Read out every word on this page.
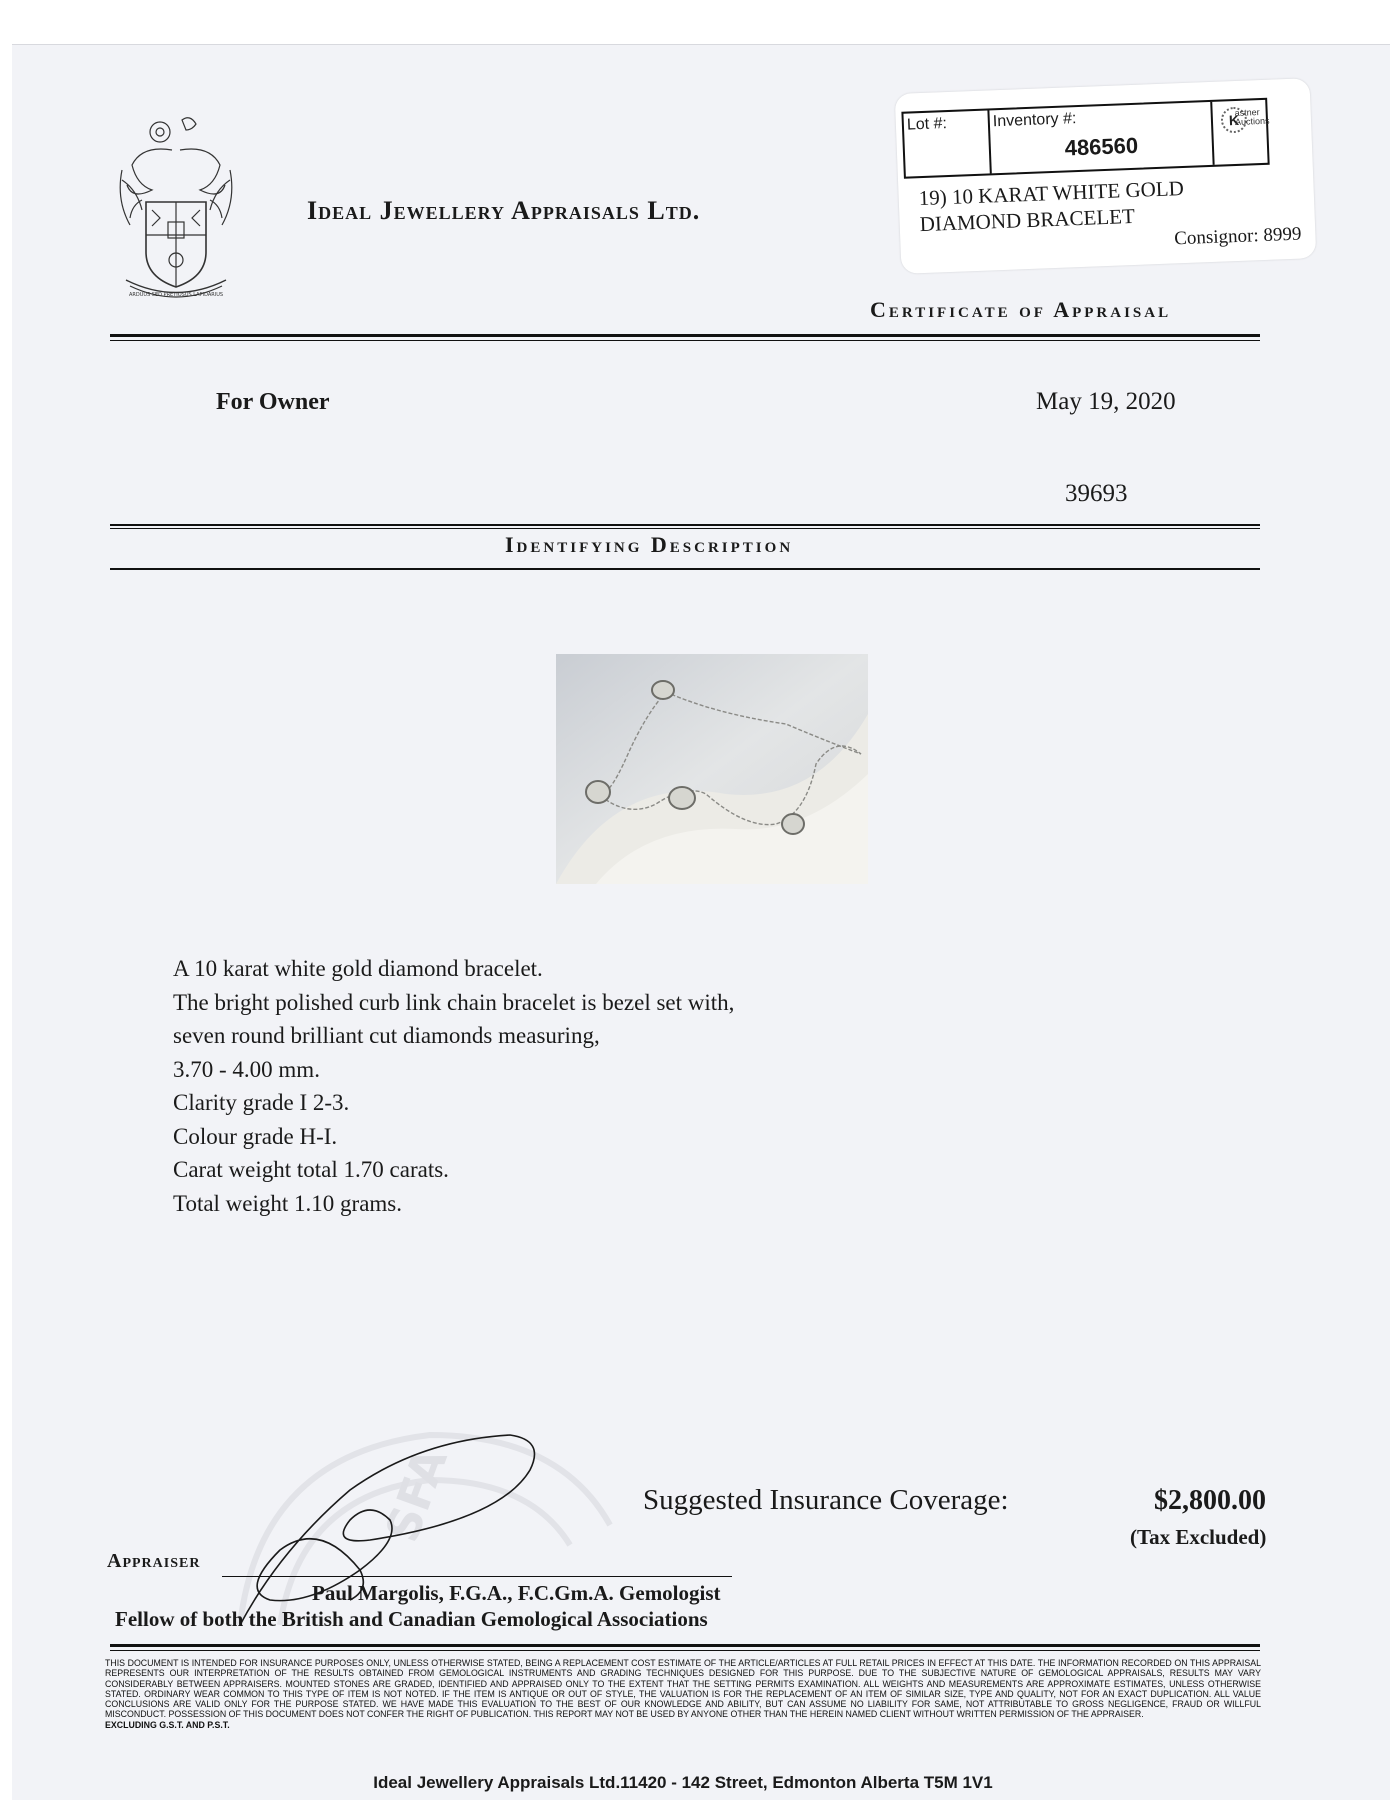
ARDUUS SED PRETIOSUS LAPIDARIUS
Ideal Jewellery Appraisals Ltd.
Lot #:	Inventory #:
486560
K
astner
Auctions
19) 10 KARAT WHITE GOLD
DIAMOND BRACELET
Consignor: 8999
Certificate of Appraisal
For Owner	May 19, 2020
39693
Identifying Description
A 10 karat white gold diamond bracelet.
The bright polished curb link chain bracelet is bezel set with,
seven round brilliant cut diamonds measuring,
3.70 - 4.00 mm.
Clarity grade I 2-3.
Colour grade H-I.
Carat weight total 1.70 carats.
Total weight 1.10 grams.
SFA	Suggested Insurance Coverage:	$2,800.00
(Tax Excluded)
Appraiser
Paul Margolis, F.G.A., F.C.Gm.A. Gemologist
Fellow of both the British and Canadian Gemological Associations
THIS DOCUMENT IS INTENDED FOR INSURANCE PURPOSES ONLY, UNLESS OTHERWISE STATED, BEING A REPLACEMENT COST ESTIMATE OF THE ARTICLE/ARTICLES AT FULL RETAIL PRICES IN EFFECT AT THIS DATE. THE INFORMATION RECORDED ON THIS APPRAISAL REPRESENTS OUR INTERPRETATION OF THE RESULTS OBTAINED FROM GEMOLOGICAL INSTRUMENTS AND GRADING TECHNIQUES DESIGNED FOR THIS PURPOSE. DUE TO THE SUBJECTIVE NATURE OF GEMOLOGICAL APPRAISALS, RESULTS MAY VARY CONSIDERABLY BETWEEN APPRAISERS. MOUNTED STONES ARE GRADED, IDENTIFIED AND APPRAISED ONLY TO THE EXTENT THAT THE SETTING PERMITS EXAMINATION. ALL WEIGHTS AND MEASUREMENTS ARE APPROXIMATE ESTIMATES, UNLESS OTHERWISE STATED. ORDINARY WEAR COMMON TO THIS TYPE OF ITEM IS NOT NOTED. IF THE ITEM IS ANTIQUE OR OUT OF STYLE, THE VALUATION IS FOR THE REPLACEMENT OF AN ITEM OF SIMILAR SIZE, TYPE AND QUALITY, NOT FOR AN EXACT DUPLICATION. ALL VALUE CONCLUSIONS ARE VALID ONLY FOR THE PURPOSE STATED. WE HAVE MADE THIS EVALUATION TO THE BEST OF OUR KNOWLEDGE AND ABILITY, BUT CAN ASSUME NO LIABILITY FOR SAME, NOT ATTRIBUTABLE TO GROSS NEGLIGENCE, FRAUD OR WILLFUL MISCONDUCT. POSSESSION OF THIS DOCUMENT DOES NOT CONFER THE RIGHT OF PUBLICATION. THIS REPORT MAY NOT BE USED BY ANYONE OTHER THAN THE HEREIN NAMED CLIENT WITHOUT WRITTEN PERMISSION OF THE APPRAISER.
EXCLUDING G.S.T. AND P.S.T.
Ideal Jewellery Appraisals Ltd.11420 - 142 Street, Edmonton Alberta T5M 1V1
